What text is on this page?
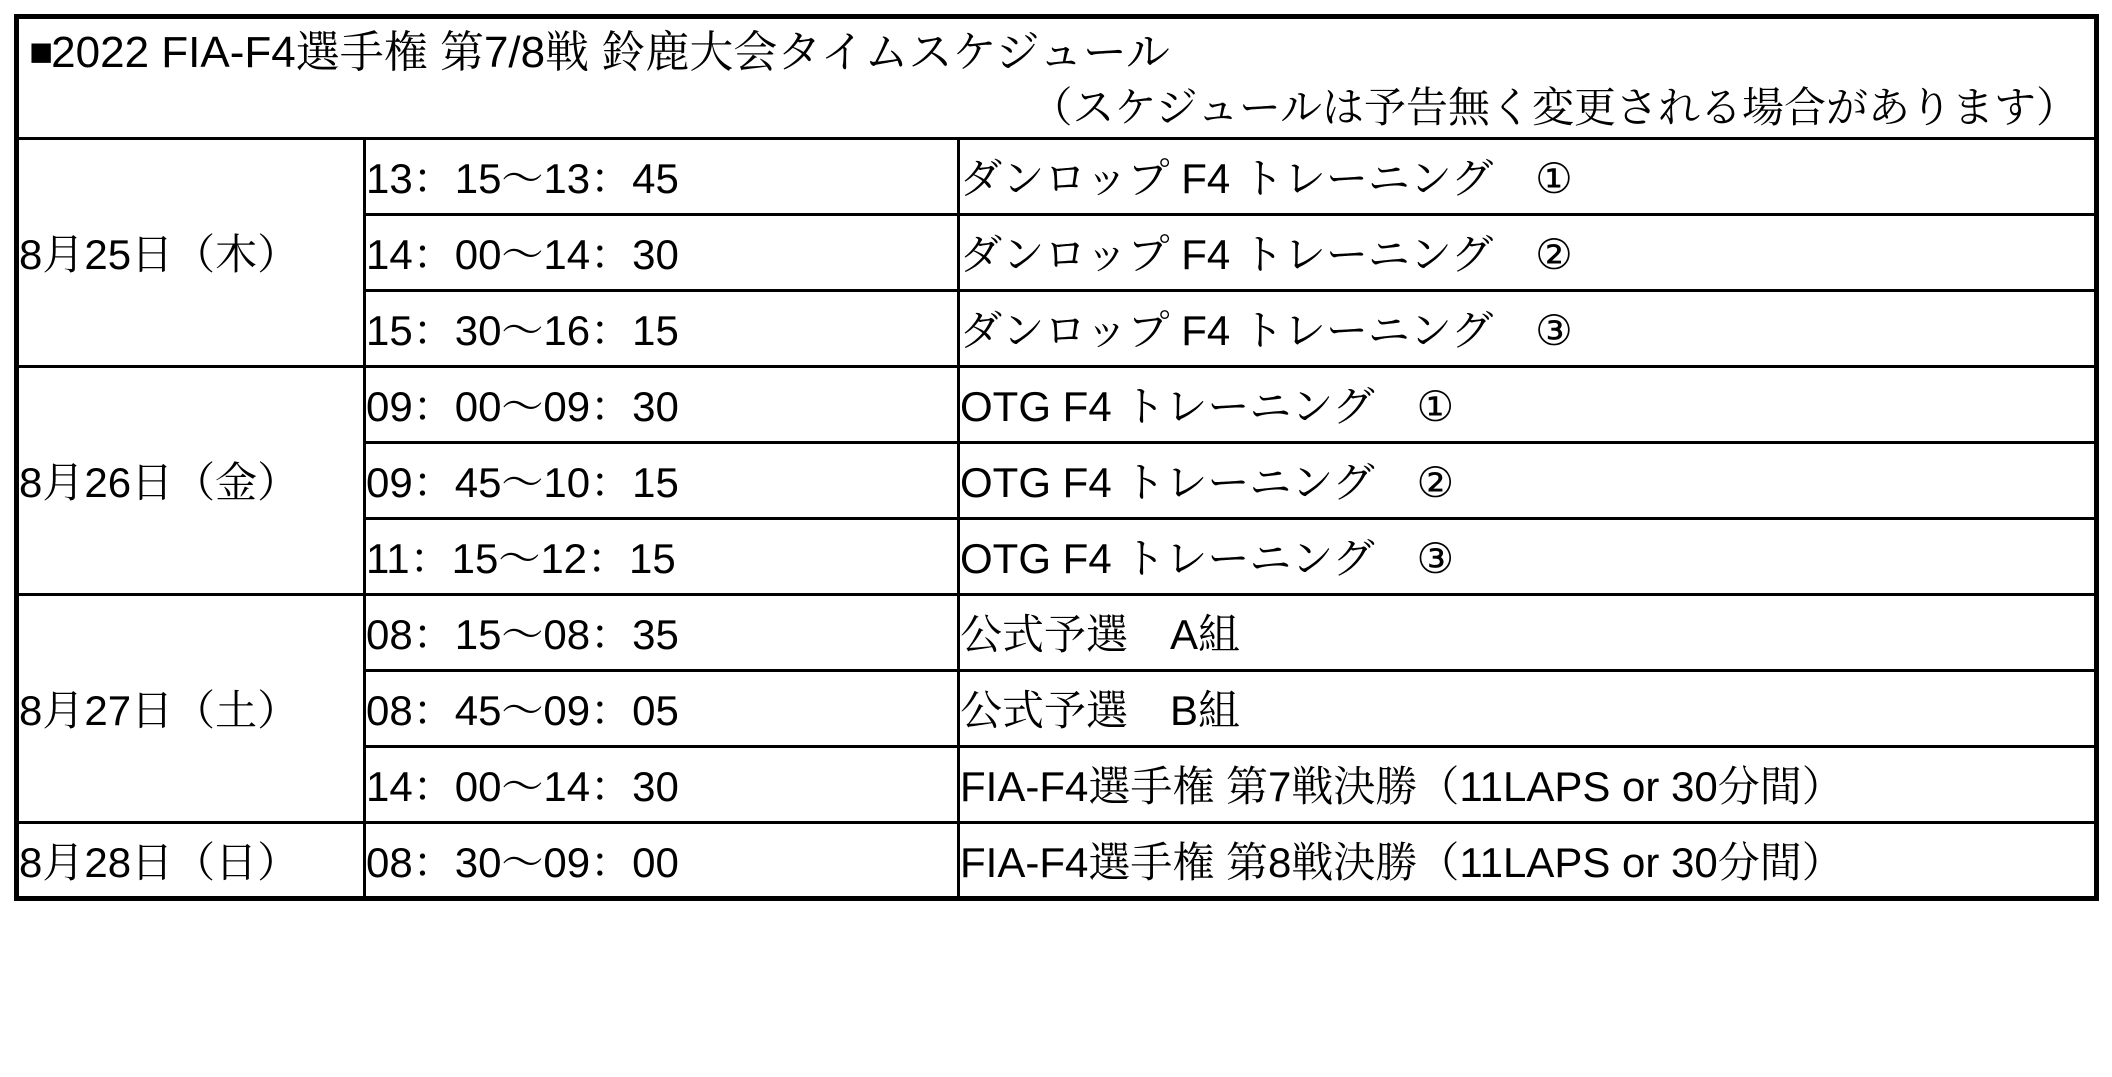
■2022 FIA-F4選手権 第7/8戦 鈴鹿大会タイムスケジュール
（スケジュールは予告無く変更される場合があります）		

8月25日（木）	13：15〜13：45	ダンロップ F4 トレーニング　①
	14：00〜14：30	ダンロップ F4 トレーニング　②
	15：30〜16：15	ダンロップ F4 トレーニング　③
8月26日（金）	09：00〜09：30	OTG F4 トレーニング　①
	09：45〜10：15	OTG F4 トレーニング　②
	11：15〜12：15	OTG F4 トレーニング　③
8月27日（土）	08：15〜08：35	公式予選　A組
	08：45〜09：05	公式予選　B組
	14：00〜14：30	FIA-F4選手権 第7戦決勝（11LAPS or 30分間）
8月28日（日）	08：30〜09：00	FIA-F4選手権 第8戦決勝（11LAPS or 30分間）
